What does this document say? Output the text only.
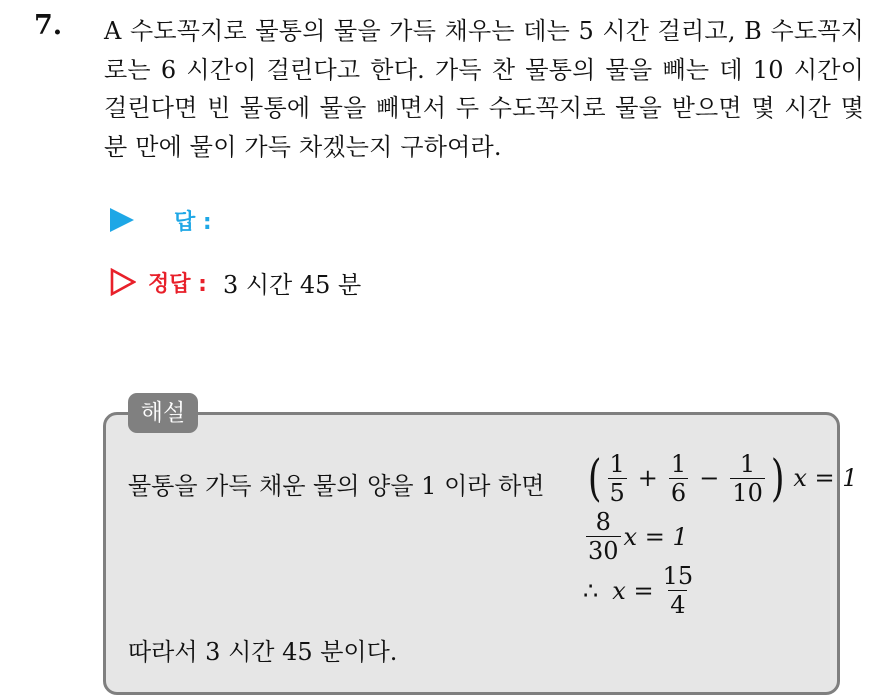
7. A 수도꼭지로 물통의 물을 가득 채우는 데는 5 시간 걸리고, B 수도꼭지로는 6 시간이 걸린다고 한다. 가득 찬 물통의 물을 빼는 데 10 시간이 걸린다면 빈 물통에 물을 빼면서 두 수도꼭지로 물을 받으면 몇 시간 몇 분 만에 물이 가득 차겠는지 구하여라.
답 :
정답 : 3 시간 45 분
해설
물통을 가득 채운 물의 양을 1 이라 하면 ( $\frac{1}{5} + \frac{1}{6} - \frac{1}{10}$ ) x = 1
$\frac{8}{30}$ x = 1
∴ $x = \frac{15}{4}$
따라서 3 시간 45 분이다.
